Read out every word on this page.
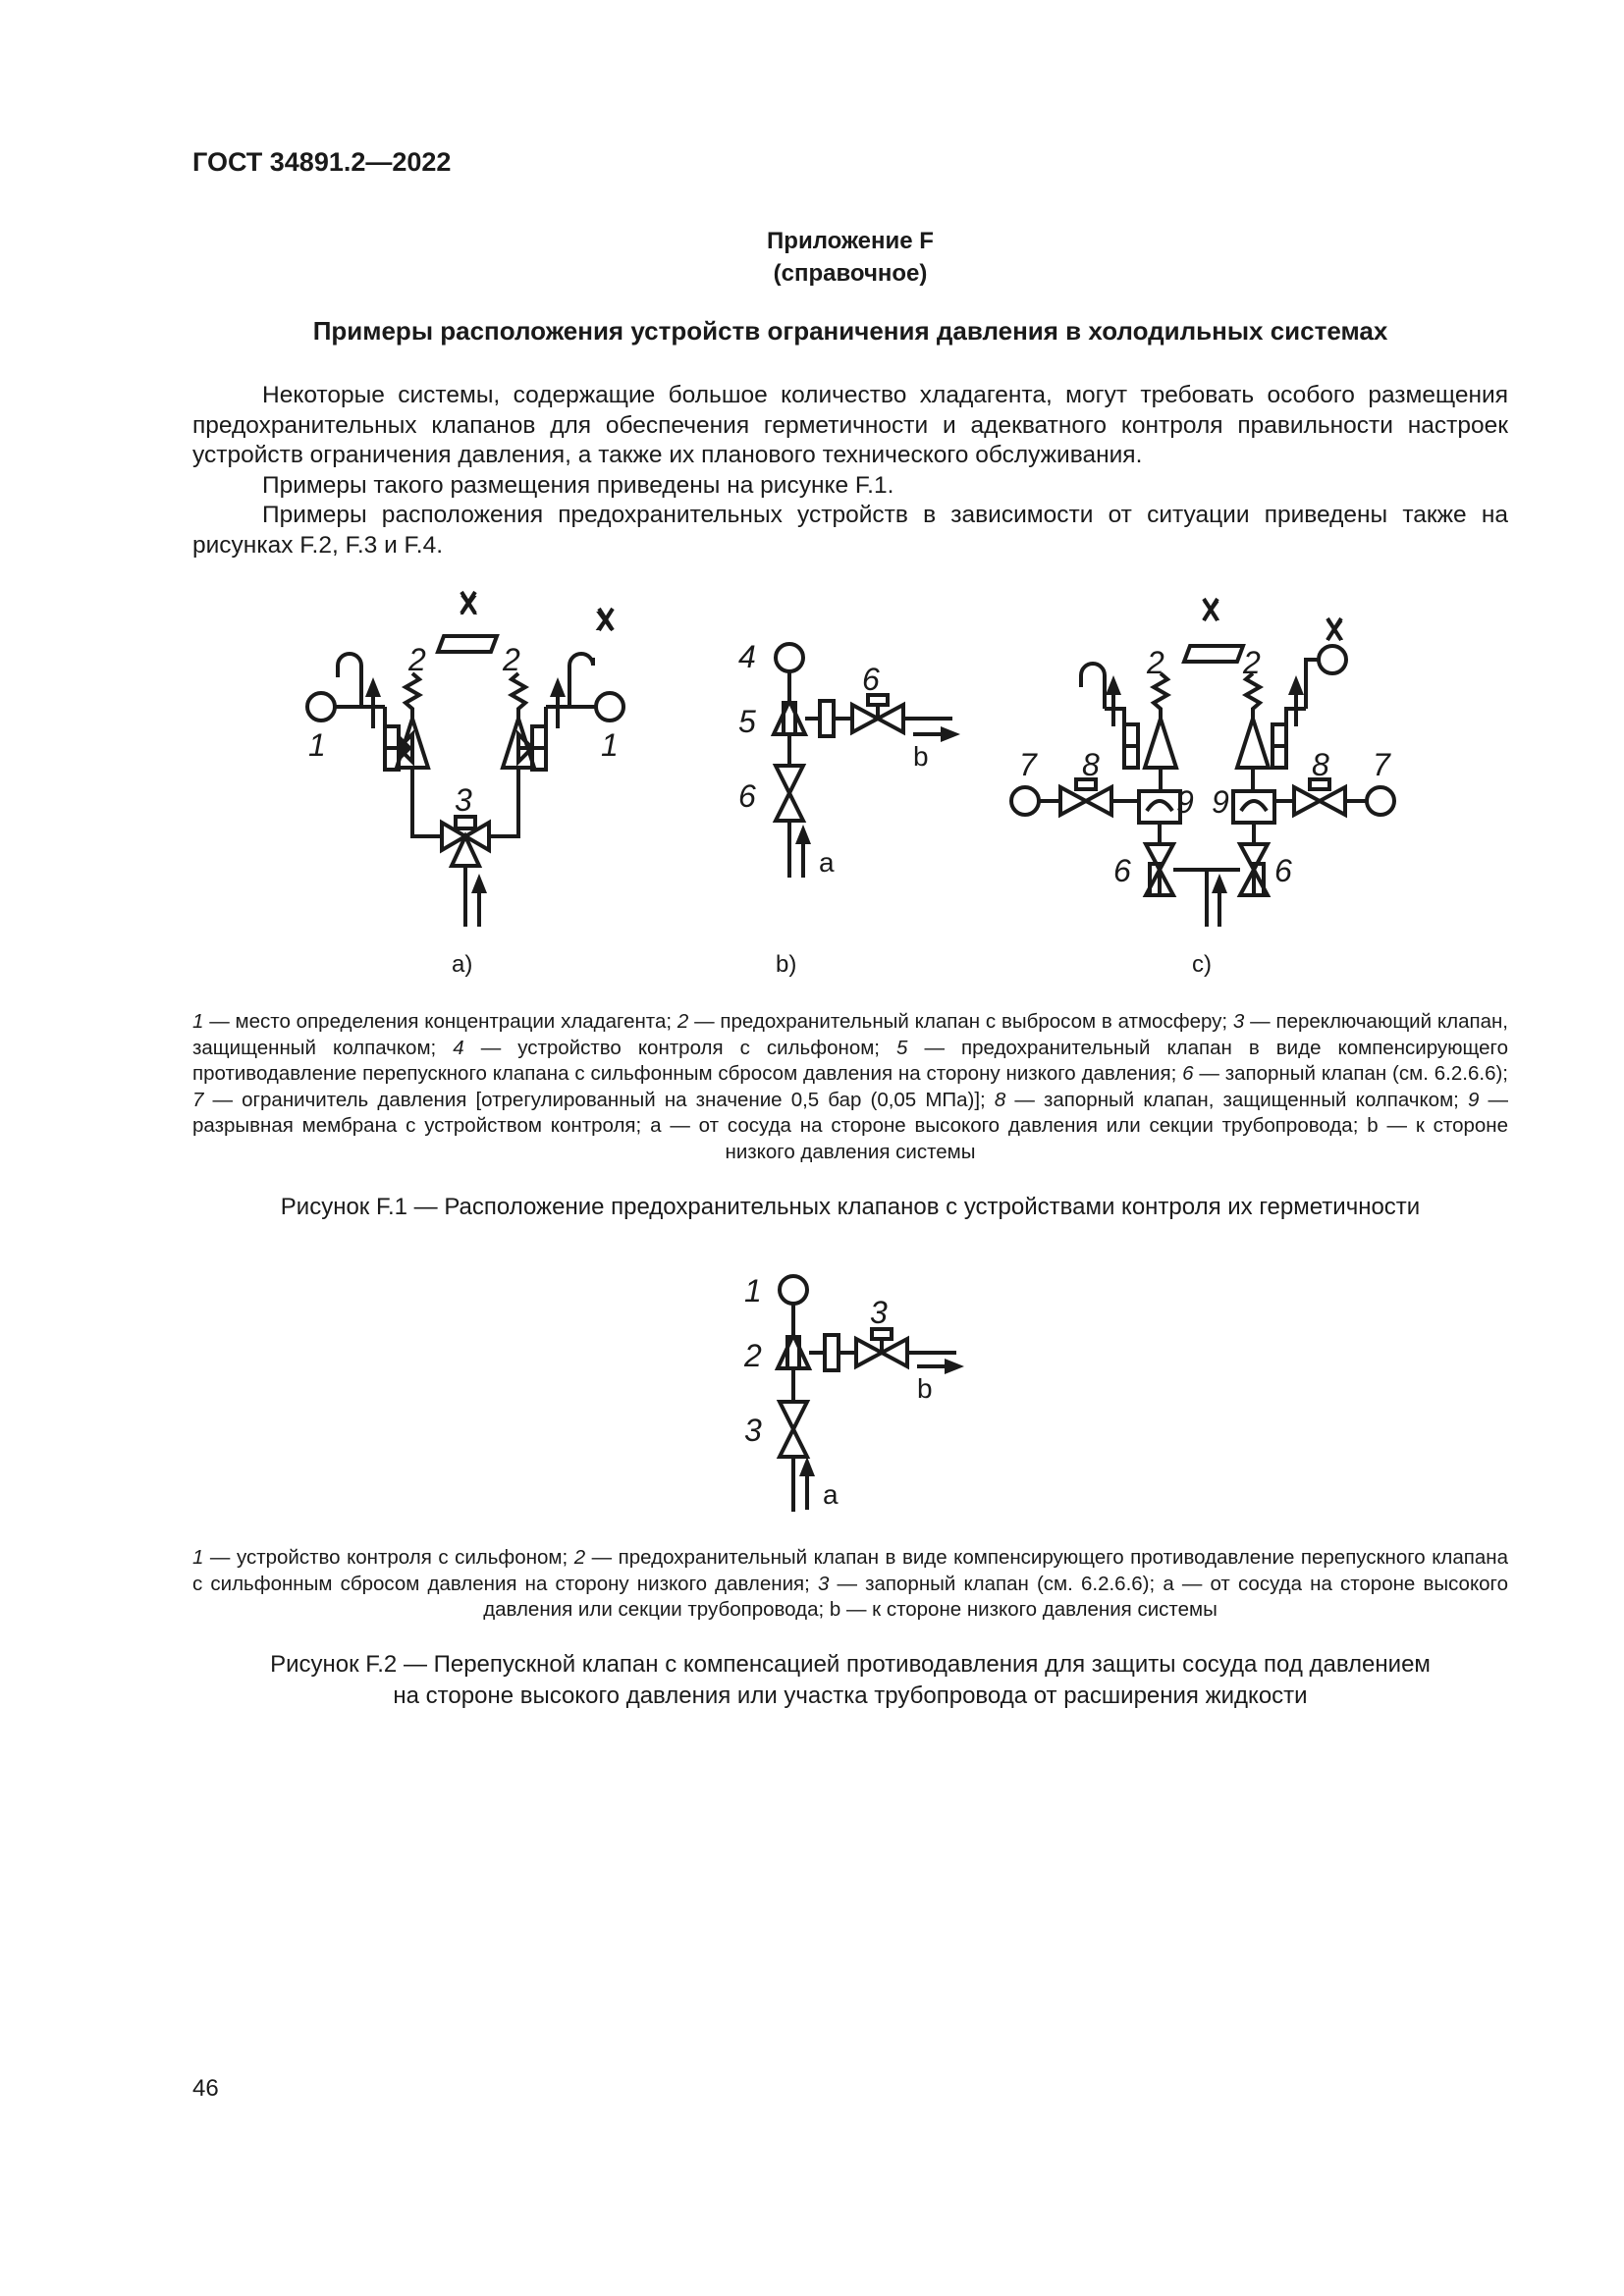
ГОСТ 34891.2—2022
Приложение F
(справочное)
Примеры расположения устройств ограничения давления в холодильных системах

Некоторые системы, содержащие большое количество хладагента, могут требовать особого размещения предохранительных клапанов для обеспечения герметичности и адекватного контроля правильности настроек устройств ограничения давления, а также их планового технического обслуживания.

Примеры такого размещения приведены на рисунке F.1.

Примеры расположения предохранительных устройств в зависимости от ситуации приведены также на рисунках F.2, F.3 и F.4.

X
X
2 2
1	1
3
а)
4
6
5
6
b
a
b)
X
X
2	2
7 8	8 7
9 9
6	6
c)
1
3
2
3
b
a
1 — место определения концентрации хладагента; 2 — предохранительный клапан с выбросом в атмосферу; 3 — переключающий клапан, защищенный колпачком; 4 — устройство контроля с сильфоном; 5 — предохранительный клапан в виде компенсирующего противодавление перепускного клапана с сильфонным сбросом давления на сторону низкого давления; 6 — запорный клапан (см. 6.2.6.6); 7 — ограничитель давления [отрегулированный на значение 0,5 бар (0,05 МПа)]; 8 — запорный клапан, защищенный колпачком; 9 — разрывная мембрана с устройством контроля; а — от сосуда на стороне высокого давления или секции трубопровода; b — к стороне низкого давления системы
Рисунок F.1 — Расположение предохранительных клапанов с устройствами контроля их герметичности
1 — устройство контроля с сильфоном; 2 — предохранительный клапан в виде компенсирующего противодавление перепускного клапана с сильфонным сбросом давления на сторону низкого давления; 3 — запорный клапан (см. 6.2.6.6); а — от сосуда на стороне высокого давления или секции трубопровода; b — к стороне низкого давления системы
Рисунок F.2 — Перепускной клапан с компенсацией противодавления для защиты сосуда под давлением
на стороне высокого давления или участка трубопровода от расширения жидкости
46
